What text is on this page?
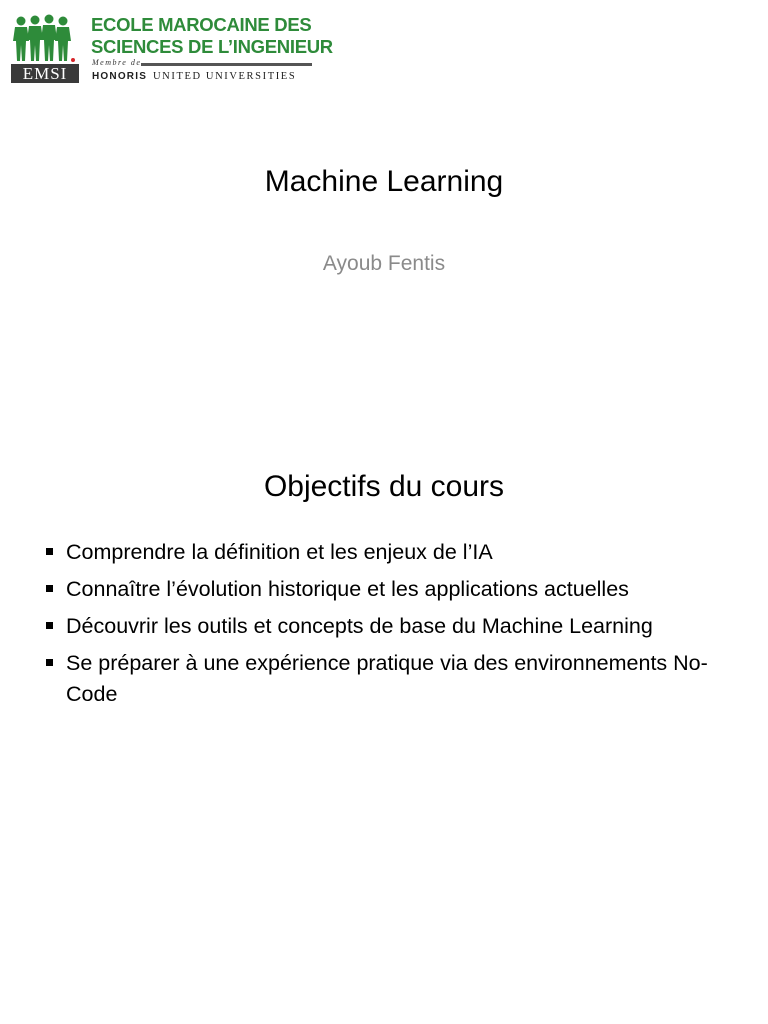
EMSI
ECOLE MAROCAINE DES
SCIENCES DE L’INGENIEUR
Membre de
HONORIS UNITED UNIVERSITIES
Machine Learning
Ayoub Fentis
Objectifs du cours
Comprendre la définition et les enjeux de l’IA
Connaître l’évolution historique et les applications actuelles
Découvrir les outils et concepts de base du Machine Learning
Se préparer à une expérience pratique via des environnements No-Code
